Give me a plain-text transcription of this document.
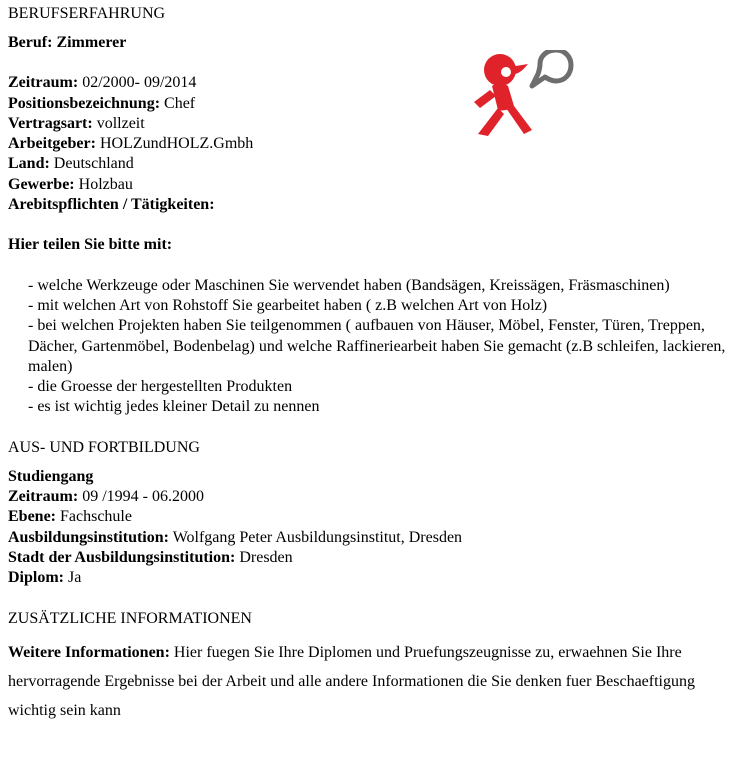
BERUFSERFAHRUNG
Beruf: Zimmerer
Zeitraum: 02/2000- 09/2014
Positionsbezeichnung: Chef
Vertragsart: vollzeit
Arbeitgeber: HOLZundHOLZ.Gmbh
Land: Deutschland
Gewerbe: Holzbau
Arebitspflichten / Tätigkeiten:
Hier teilen Sie bitte mit:
- welche Werkzeuge oder Maschinen Sie wervendet haben (Bandsägen, Kreissägen, Fräsmaschinen)
- mit welchen Art von Rohstoff Sie gearbeitet haben ( z.B welchen Art von Holz)
- bei welchen Projekten haben Sie teilgenommen ( aufbauen von Häuser, Möbel, Fenster, Türen, Treppen, Dächer, Gartenmöbel, Bodenbelag) und welche Raffineriearbeit haben Sie gemacht (z.B schleifen, lackieren, malen)
- die Groesse der hergestellten Produkten
- es ist wichtig jedes kleiner Detail zu nennen
AUS- UND FORTBILDUNG
Studiengang
Zeitraum: 09 /1994 - 06.2000
Ebene: Fachschule
Ausbildungsinstitution: Wolfgang Peter Ausbildungsinstitut, Dresden
Stadt der Ausbildungsinstitution: Dresden
Diplom: Ja
ZUSÄTZLICHE INFORMATIONEN
Weitere Informationen: Hier fuegen Sie Ihre Diplomen und Pruefungszeugnisse zu, erwaehnen Sie Ihre hervorragende Ergebnisse bei der Arbeit und alle andere Informationen die Sie denken fuer Beschaeftigung wichtig sein kann
